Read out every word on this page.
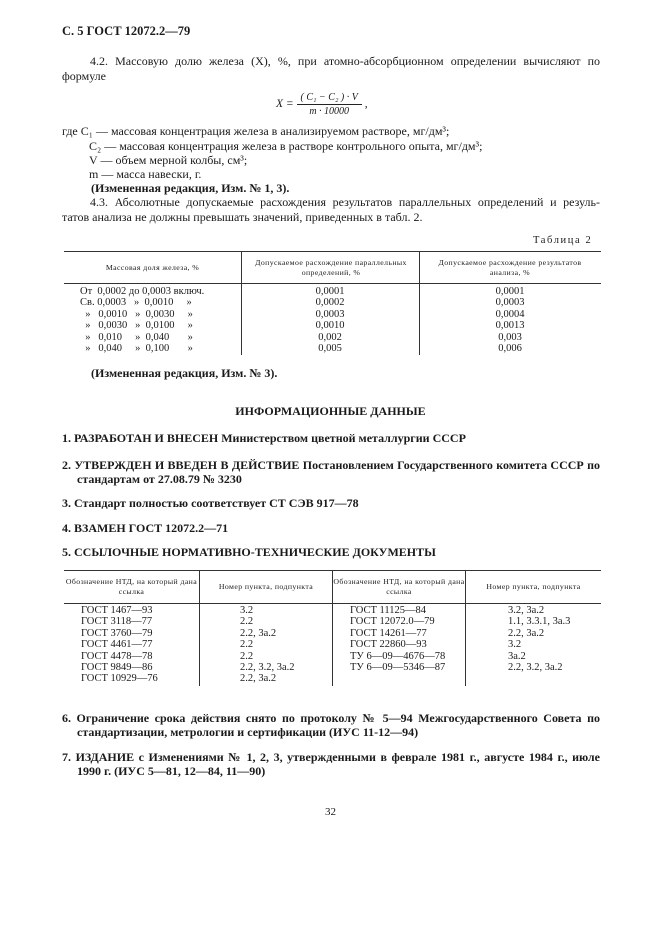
С. 5 ГОСТ 12072.2—79
4.2. Массовую долю железа (X), %, при атомно-абсорбционном определении вычисляют по
формуле
$X = \frac{\text{( C₁ − C₂ ) · V}}{m \cdot 10000}$ ,
где C₁ — массовая концентрация железа в анализируемом растворе, мг/дм³;
C₂ — массовая концентрация железа в растворе контрольного опыта, мг/дм³;
V — объем мерной колбы, см³;
m — масса навески, г.
(Измененная редакция, Изм. № 1, 3).
4.3. Абсолютные допускаемые расхождения результатов параллельных определений и резуль-
татов анализа не должны превышать значений, приведенных в табл. 2.
Таблица 2
Массовая доля железа, %
Допускаемое расхождение параллельных определений, %
Допускаемое расхождение результатов анализа, %
От  0,0002 до 0,0003 включ.
Св. 0,0003   »  0,0010     »
»   0,0010   »  0,0030     »
»   0,0030   »  0,0100     »
»   0,010     »  0,040       »
»   0,040     »  0,100       »
0,0001
0,0002
0,0003
0,0010
0,002
0,005
0,0001
0,0003
0,0004
0,0013
0,003
0,006
(Измененная редакция, Изм. № 3).
ИНФОРМАЦИОННЫЕ ДАННЫЕ
1. РАЗРАБОТАН И ВНЕСЕН Министерством цветной металлургии СССР
2. УТВЕРЖДЕН И ВВЕДЕН В ДЕЙСТВИЕ Постановлением Государственного комитета СССР по
стандартам от 27.08.79 № 3230
3. Стандарт полностью соответствует СТ СЭВ 917—78
4. ВЗАМЕН ГОСТ 12072.2—71
5. ССЫЛОЧНЫЕ НОРМАТИВНО-ТЕХНИЧЕСКИЕ ДОКУМЕНТЫ
Обозначение НТД, на который дана ссылка
Номер пункта, подпункта
Обозначение НТД, на который дана ссылка
Номер пункта, подпункта
ГОСТ 1467—93
ГОСТ 3118—77
ГОСТ 3760—79
ГОСТ 4461—77
ГОСТ 4478—78
ГОСТ 9849—86
ГОСТ 10929—76
3.2
2.2
2.2, 3a.2
2.2
2.2
2.2, 3.2, 3a.2
2.2, 3a.2
ГОСТ 11125—84
ГОСТ 12072.0—79
ГОСТ 14261—77
ГОСТ 22860—93
ТУ 6—09—4676—78
ТУ 6—09—5346—87
3.2, 3a.2
1.1, 3.3.1, 3a.3
2.2, 3a.2
3.2
3a.2
2.2, 3.2, 3a.2
6. Ограничение срока действия снято по протоколу № 5—94 Межгосударственного Совета по
стандартизации, метрологии и сертификации (ИУС 11-12—94)
7. ИЗДАНИЕ с Изменениями № 1, 2, 3, утвержденными в феврале 1981 г., августе 1984 г., июле
1990 г. (ИУС 5—81, 12—84, 11—90)
32
